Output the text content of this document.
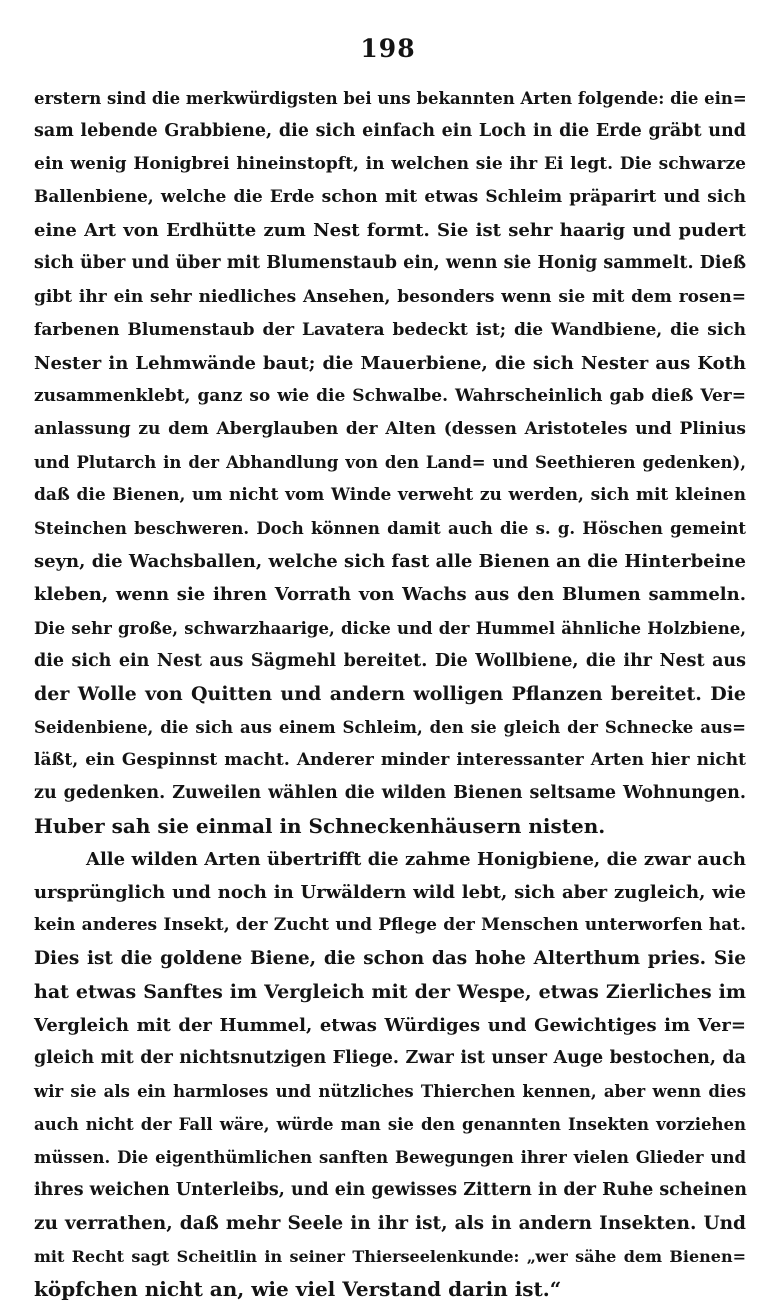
198
erstern sind die merkwürdigsten bei uns bekannten Arten folgende: die ein=
sam lebende Grabbiene, die sich einfach ein Loch in die Erde gräbt und
ein wenig Honigbrei hineinstopft, in welchen sie ihr Ei legt. Die schwarze
Ballenbiene, welche die Erde schon mit etwas Schleim präparirt und sich
eine Art von Erdhütte zum Nest formt. Sie ist sehr haarig und pudert
sich über und über mit Blumenstaub ein, wenn sie Honig sammelt. Dieß
gibt ihr ein sehr niedliches Ansehen, besonders wenn sie mit dem rosen=
farbenen Blumenstaub der Lavatera bedeckt ist; die Wandbiene, die sich
Nester in Lehmwände baut; die Mauerbiene, die sich Nester aus Koth
zusammenklebt, ganz so wie die Schwalbe. Wahrscheinlich gab dieß Ver=
anlassung zu dem Aberglauben der Alten (dessen Aristoteles und Plinius
und Plutarch in der Abhandlung von den Land= und Seethieren gedenken),
daß die Bienen, um nicht vom Winde verweht zu werden, sich mit kleinen
Steinchen beschweren. Doch können damit auch die s. g. Höschen gemeint
seyn, die Wachsballen, welche sich fast alle Bienen an die Hinterbeine
kleben, wenn sie ihren Vorrath von Wachs aus den Blumen sammeln.
Die sehr große, schwarzhaarige, dicke und der Hummel ähnliche Holzbiene,
die sich ein Nest aus Sägmehl bereitet. Die Wollbiene, die ihr Nest aus
der Wolle von Quitten und andern wolligen Pflanzen bereitet. Die
Seidenbiene, die sich aus einem Schleim, den sie gleich der Schnecke aus=
läßt, ein Gespinnst macht. Anderer minder interessanter Arten hier nicht
zu gedenken. Zuweilen wählen die wilden Bienen seltsame Wohnungen.
Huber sah sie einmal in Schneckenhäusern nisten.
Alle wilden Arten übertrifft die zahme Honigbiene, die zwar auch
ursprünglich und noch in Urwäldern wild lebt, sich aber zugleich, wie
kein anderes Insekt, der Zucht und Pflege der Menschen unterworfen hat.
Dies ist die goldene Biene, die schon das hohe Alterthum pries. Sie
hat etwas Sanftes im Vergleich mit der Wespe, etwas Zierliches im
Vergleich mit der Hummel, etwas Würdiges und Gewichtiges im Ver=
gleich mit der nichtsnutzigen Fliege. Zwar ist unser Auge bestochen, da
wir sie als ein harmloses und nützliches Thierchen kennen, aber wenn dies
auch nicht der Fall wäre, würde man sie den genannten Insekten vorziehen
müssen. Die eigenthümlichen sanften Bewegungen ihrer vielen Glieder und
ihres weichen Unterleibs, und ein gewisses Zittern in der Ruhe scheinen
zu verrathen, daß mehr Seele in ihr ist, als in andern Insekten. Und
mit Recht sagt Scheitlin in seiner Thierseelenkunde: „wer sähe dem Bienen=
köpfchen nicht an, wie viel Verstand darin ist.“
